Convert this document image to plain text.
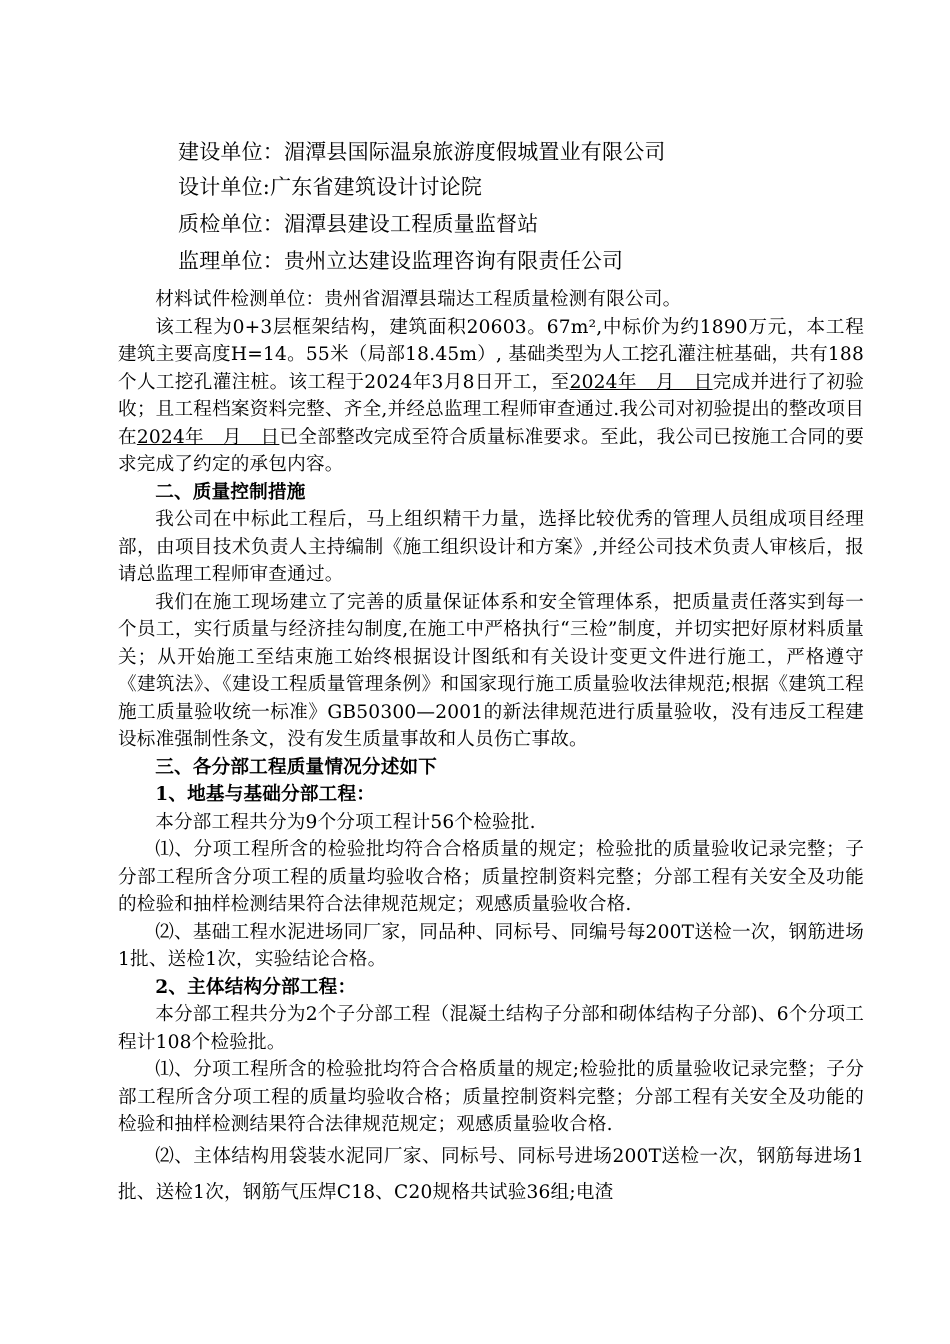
建设单位：湄潭县国际温泉旅游度假城置业有限公司
设计单位:广东省建筑设计讨论院
质检单位：湄潭县建设工程质量监督站
监理单位：贵州立达建设监理咨询有限责任公司

材料试件检测单位：贵州省湄潭县瑞达工程质量检测有限公司。

该工程为0+3层框架结构，建筑面积20603。67m²,中标价为约1890万元，本工程建筑主要高度H=14。55米（局部18.45m）, 基础类型为人工挖孔灌注桩基础，共有188个人工挖孔灌注桩。该工程于2024年3月8日开工，至2024年　月　日完成并进行了初验收；且工程档案资料完整、齐全,并经总监理工程师审查通过.我公司对初验提出的整改项目在2024年　月　日已全部整改完成至符合质量标准要求。至此，我公司已按施工合同的要求完成了约定的承包内容。

二、质量控制措施

我公司在中标此工程后，马上组织精干力量，选择比较优秀的管理人员组成项目经理部，由项目技术负责人主持编制《施工组织设计和方案》,并经公司技术负责人审核后，报请总监理工程师审查通过。

我们在施工现场建立了完善的质量保证体系和安全管理体系，把质量责任落实到每一个员工，实行质量与经济挂勾制度,在施工中严格执行“三检”制度，并切实把好原材料质量关；从开始施工至结束施工始终根据设计图纸和有关设计变更文件进行施工，严格遵守《建筑法》、《建设工程质量管理条例》和国家现行施工质量验收法律规范;根据《建筑工程施工质量验收统一标准》GB50300—2001的新法律规范进行质量验收，没有违反工程建设标准强制性条文，没有发生质量事故和人员伤亡事故。

三、各分部工程质量情况分述如下

1、地基与基础分部工程：

本分部工程共分为9个分项工程计56个检验批.

⑴、分项工程所含的检验批均符合合格质量的规定；检验批的质量验收记录完整；子分部工程所含分项工程的质量均验收合格；质量控制资料完整；分部工程有关安全及功能的检验和抽样检测结果符合法律规范规定；观感质量验收合格.

⑵、基础工程水泥进场同厂家，同品种、同标号、同编号每200T送检一次，钢筋进场1批、送检1次，实验结论合格。

2、主体结构分部工程：

本分部工程共分为2个子分部工程（混凝土结构子分部和砌体结构子分部)、6个分项工程计108个检验批。

⑴、分项工程所含的检验批均符合合格质量的规定;检验批的质量验收记录完整；子分部工程所含分项工程的质量均验收合格；质量控制资料完整；分部工程有关安全及功能的检验和抽样检测结果符合法律规范规定；观感质量验收合格.

⑵、主体结构用袋装水泥同厂家、同标号、同标号进场200T送检一次，钢筋每进场1批、送检1次，钢筋气压焊C18、C20规格共试验36组;电渣
